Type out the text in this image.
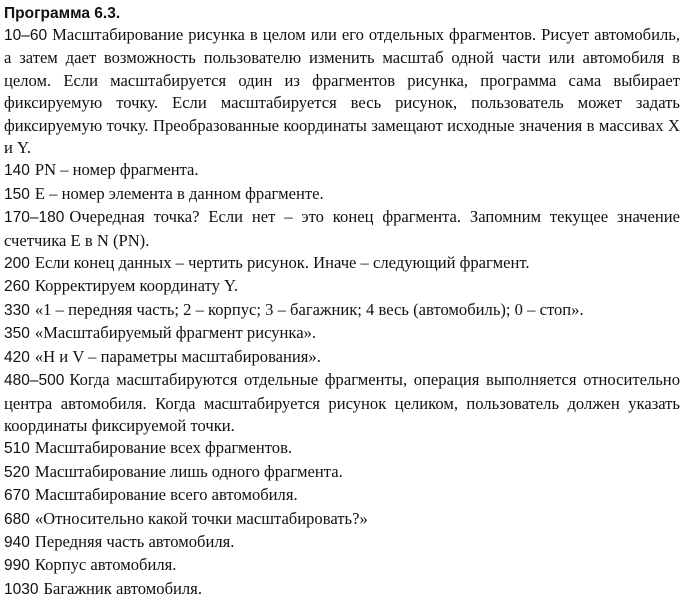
Программа 6.3.
10–60 Масштабирование рисунка в целом или его отдельных фрагментов. Рисует автомобиль, а затем дает возможность пользователю изменить масштаб одной части или автомобиля в целом. Если масштабируется один из фрагментов рисунка, программа сама выбирает фиксируемую точку. Если масштабируется весь рисунок, пользователь может задать фиксируемую точку. Преобразованные координаты замещают исходные значения в массивах X и Y.
140 PN – номер фрагмента.
150 E – номер элемента в данном фрагменте.
170–180 Очередная точка? Если нет – это конец фрагмента. Запомним текущее значение счетчика E в N (PN).
200 Если конец данных – чертить рисунок. Иначе – следующий фрагмент.
260 Корректируем координату Y.
330 «1 – передняя часть; 2 – корпус; 3 – багажник; 4 весь (автомобиль); 0 – стоп».
350 «Масштабируемый фрагмент рисунка».
420 «H и V – параметры масштабирования».
480–500 Когда масштабируются отдельные фрагменты, операция выполняется относительно центра автомобиля. Когда масштабируется рисунок целиком, пользователь должен указать координаты фиксируемой точки.
510 Масштабирование всех фрагментов.
520 Масштабирование лишь одного фрагмента.
670 Масштабирование всего автомобиля.
680 «Относительно какой точки масштабировать?»
940 Передняя часть автомобиля.
990 Корпус автомобиля.
1030 Багажник автомобиля.
